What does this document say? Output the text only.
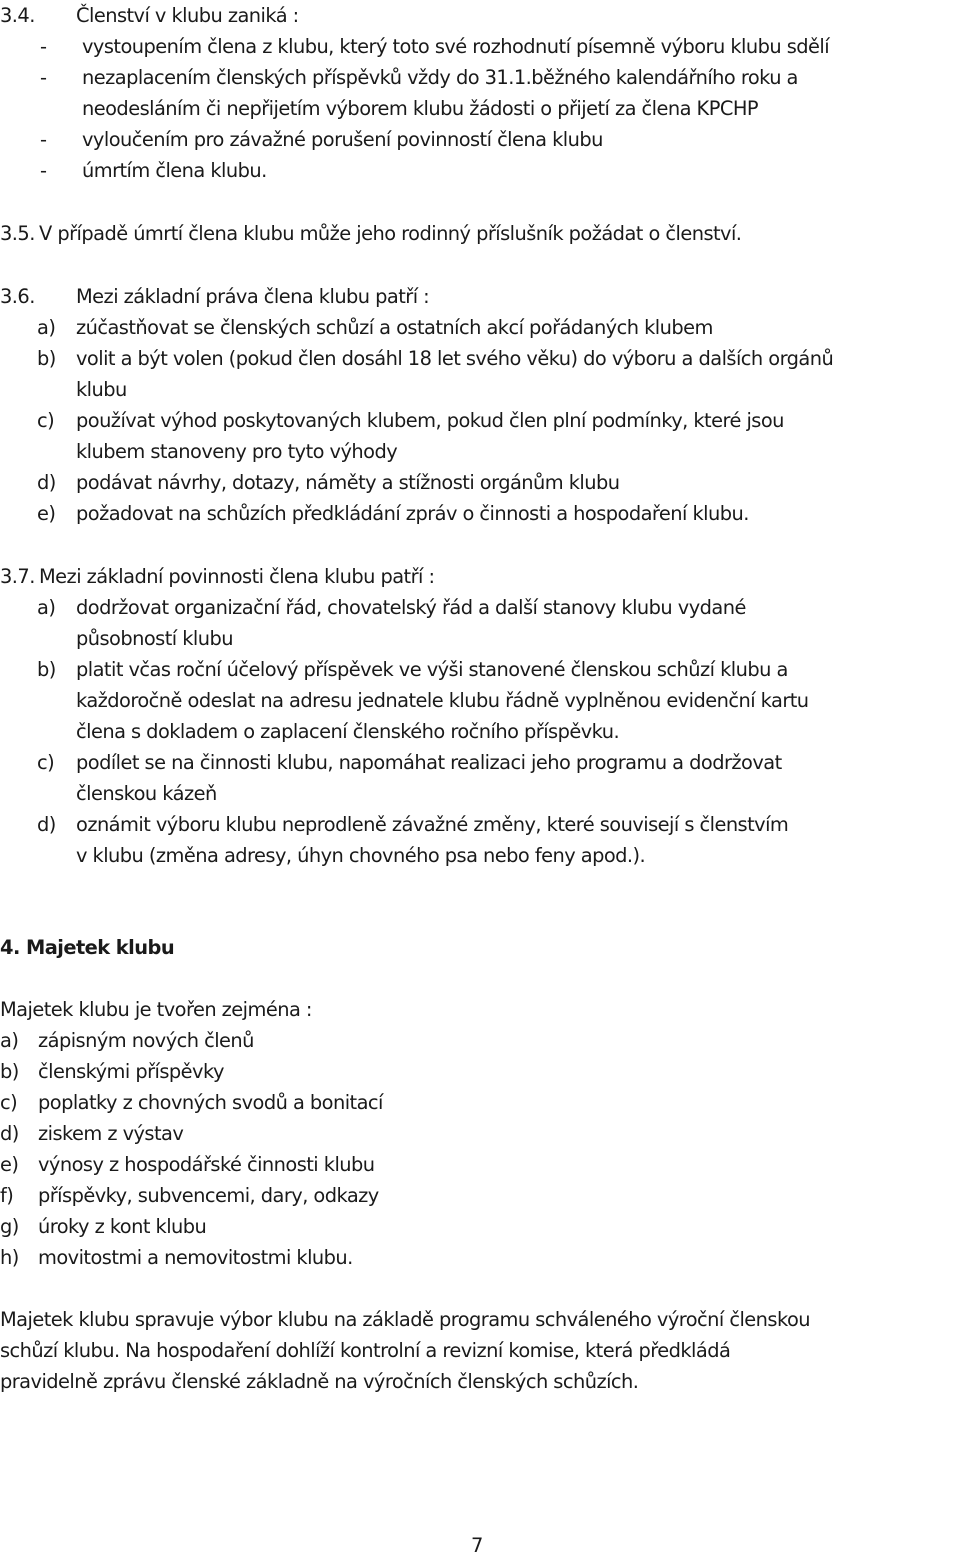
3.4. Členství v klubu zaniká :
- vystoupením člena z klubu, který toto své rozhodnutí písemně výboru klubu sdělí
- nezaplacením členských příspěvků vždy do 31.1.běžného kalendářního roku a
neodesláním či nepřijetím výborem klubu žádosti o přijetí za člena KPCHP
- vyloučením pro závažné porušení povinností člena klubu
- úmrtím člena klubu.
3.5. V případě úmrtí člena klubu může jeho rodinný příslušník požádat o členství.
3.6. Mezi základní práva člena klubu patří :
a) zúčastňovat se členských schůzí a ostatních akcí pořádaných klubem
b) volit a být volen (pokud člen dosáhl 18 let svého věku) do výboru a dalších orgánů
klubu
c) používat výhod poskytovaných klubem, pokud člen plní podmínky, které jsou
klubem stanoveny pro tyto výhody
d) podávat návrhy, dotazy, náměty a stížnosti orgánům klubu
e) požadovat na schůzích předkládání zpráv o činnosti a hospodaření klubu.
3.7. Mezi základní povinnosti člena klubu patří :
a) dodržovat organizační řád, chovatelský řád a další stanovy klubu vydané
působností klubu
b) platit včas roční účelový příspěvek ve výši stanovené členskou schůzí klubu a
každoročně odeslat na adresu jednatele klubu řádně vyplněnou evidenční kartu
člena s dokladem o zaplacení členského ročního příspěvku.
c) podílet se na činnosti klubu, napomáhat realizaci jeho programu a dodržovat
členskou kázeň
d) oznámit výboru klubu neprodleně závažné změny, které souvisejí s členstvím
v klubu (změna adresy, úhyn chovného psa nebo feny apod.).
4. Majetek klubu
Majetek klubu je tvořen zejména :
a) zápisným nových členů
b) členskými příspěvky
c) poplatky z chovných svodů a bonitací
d) ziskem z výstav
e) výnosy z hospodářské činnosti klubu
f) příspěvky, subvencemi, dary, odkazy
g) úroky z kont klubu
h) movitostmi a nemovitostmi klubu.
Majetek klubu spravuje výbor klubu na základě programu schváleného výroční členskou
schůzí klubu. Na hospodaření dohlíží kontrolní a revizní komise, která předkládá
pravidelně zprávu členské základně na výročních členských schůzích.
7
